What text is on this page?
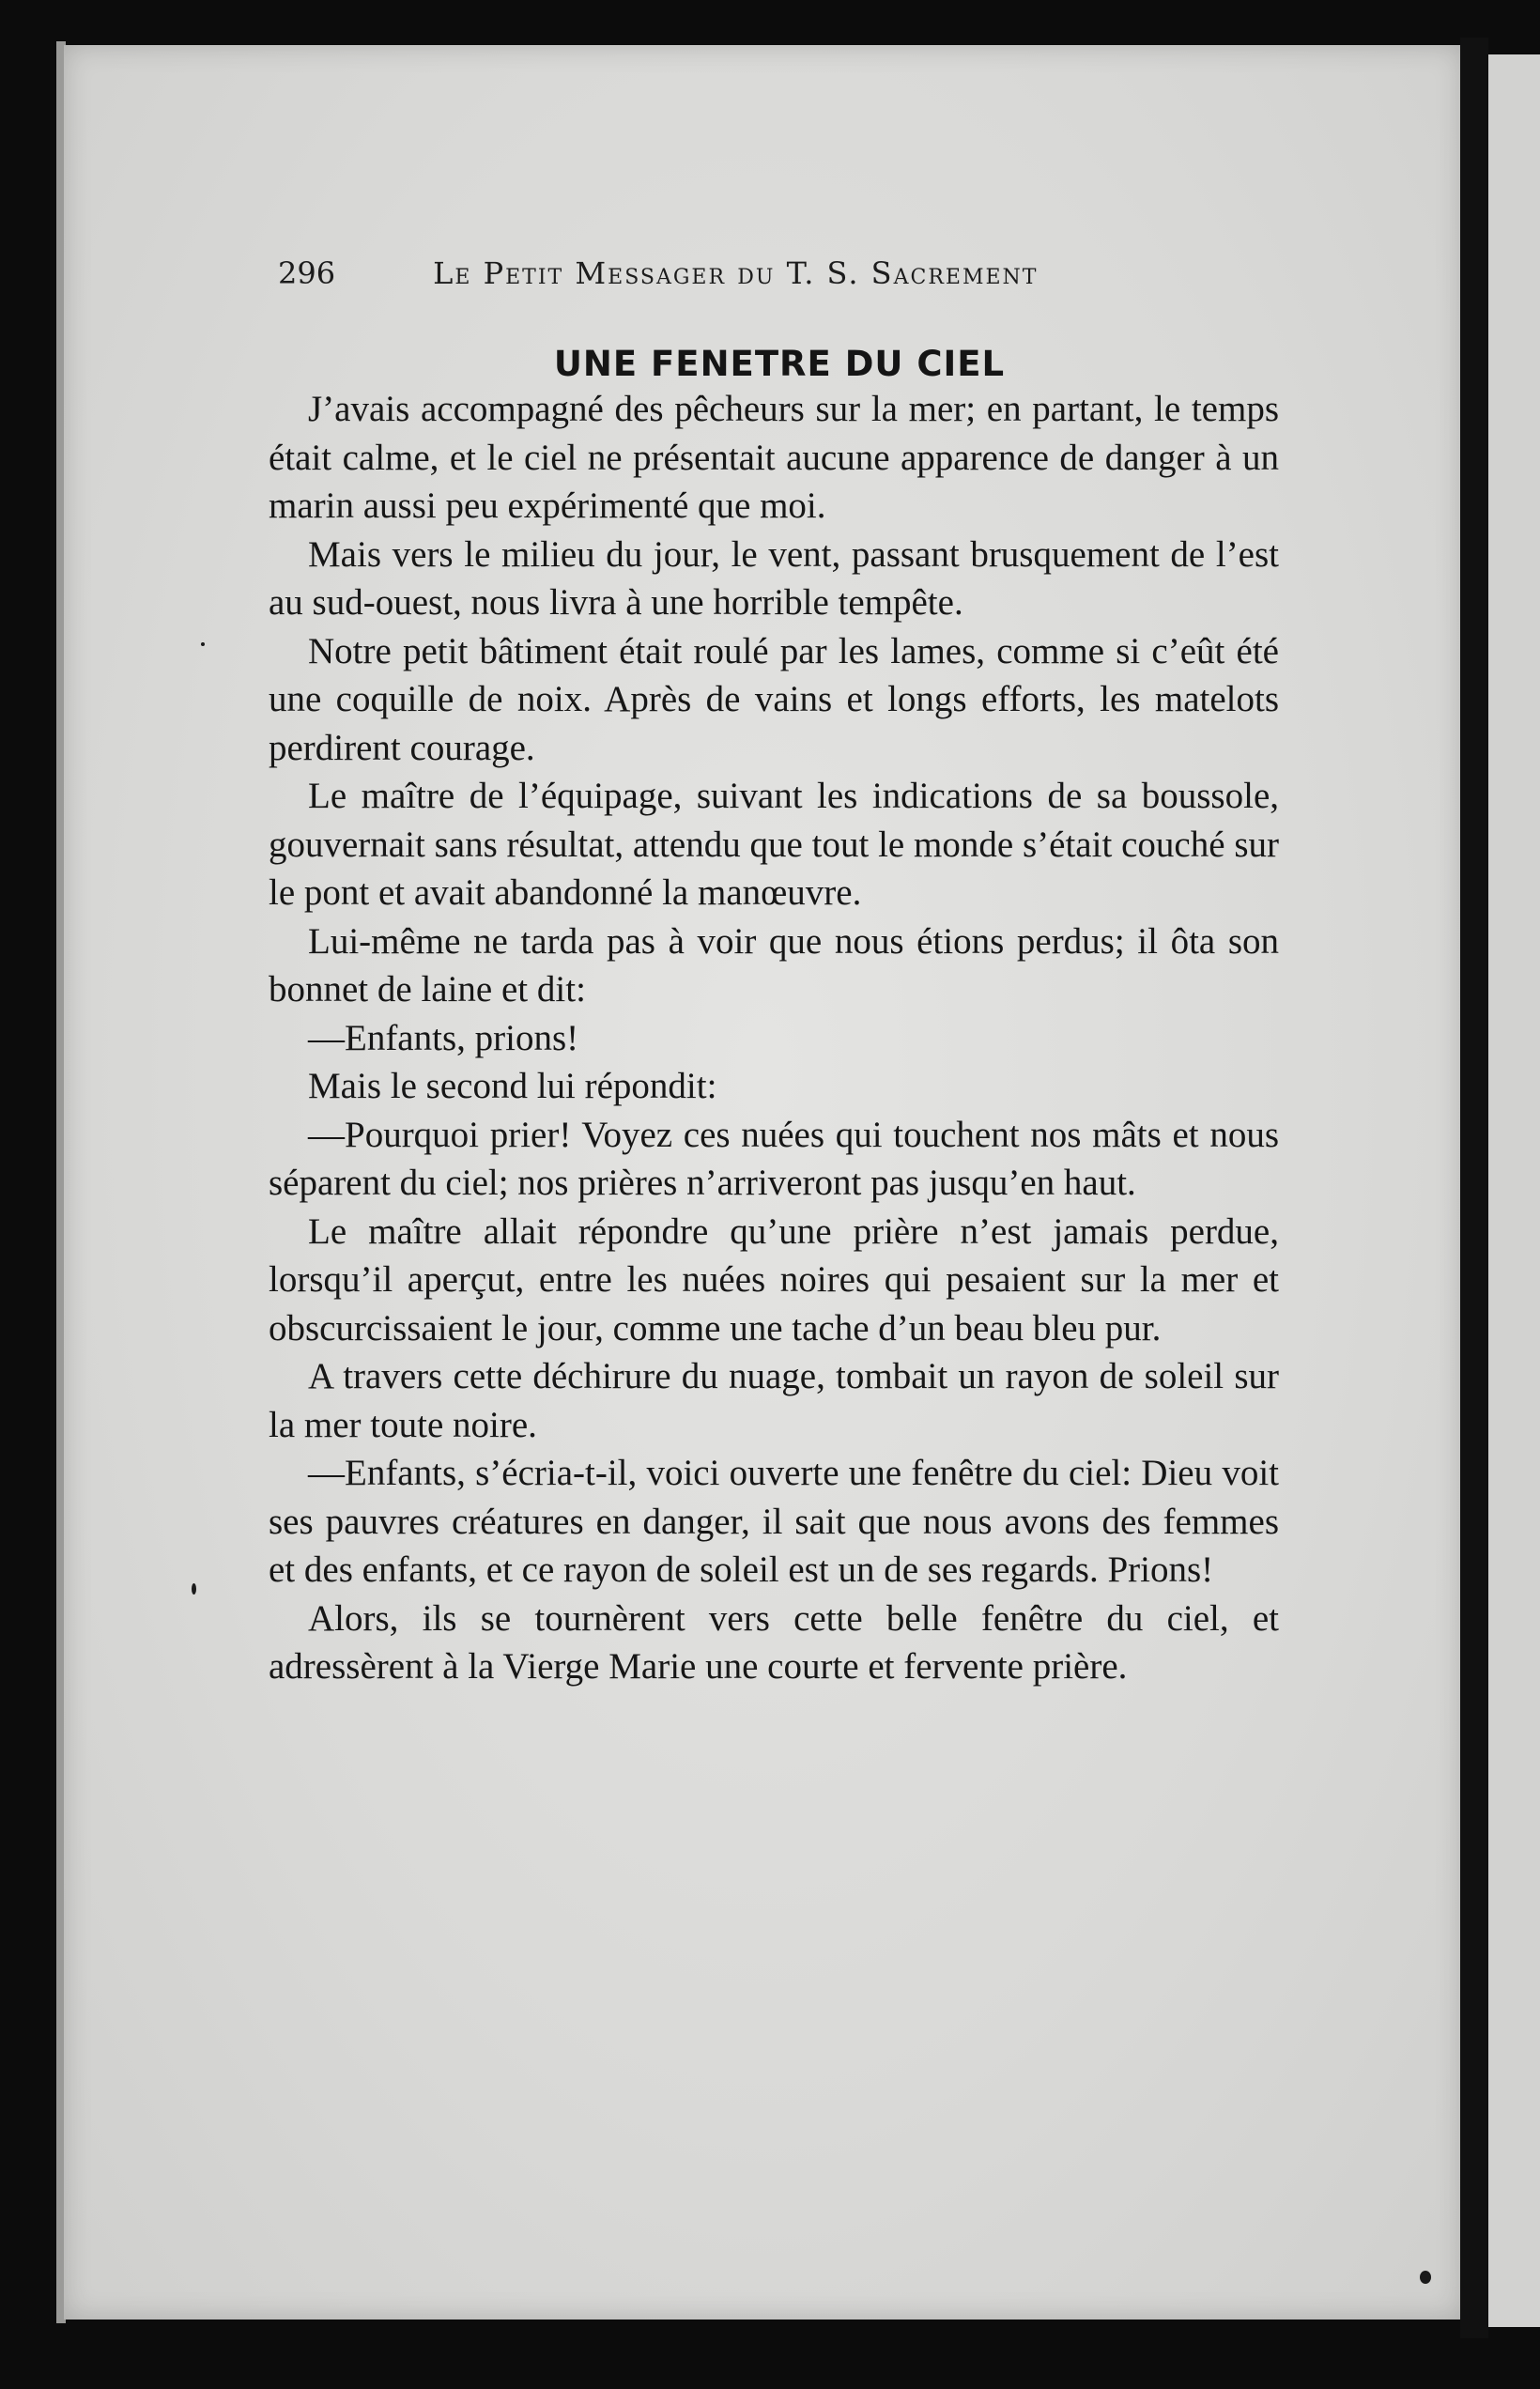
296	Le Petit Messager du T. S. Sacrement
UNE FENETRE DU CIEL

J’avais accompagné des pêcheurs sur la mer; en partant, le temps était calme, et le ciel ne présentait aucune apparence de danger à un marin aussi peu expérimenté que moi.

Mais vers le milieu du jour, le vent, passant brusquement de l’est au sud-ouest, nous livra à une horrible tempête.

Notre petit bâtiment était roulé par les lames, comme si c’eût été une coquille de noix. Après de vains et longs efforts, les matelots perdirent courage.

Le maître de l’équipage, suivant les indications de sa boussole, gouvernait sans résultat, attendu que tout le monde s’était couché sur le pont et avait abandonné la manœuvre.

Lui-même ne tarda pas à voir que nous étions perdus; il ôta son bonnet de laine et dit:

—Enfants, prions!

Mais le second lui répondit:

—Pourquoi prier! Voyez ces nuées qui touchent nos mâts et nous séparent du ciel; nos prières n’arriveront pas jusqu’en haut.

Le maître allait répondre qu’une prière n’est jamais perdue, lorsqu’il aperçut, entre les nuées noires qui pesaient sur la mer et obscurcissaient le jour, comme une tache d’un beau bleu pur.

A travers cette déchirure du nuage, tombait un rayon de soleil sur la mer toute noire.

—Enfants, s’écria-t-il, voici ouverte une fenêtre du ciel: Dieu voit ses pauvres créatures en danger, il sait que nous avons des femmes et des enfants, et ce rayon de soleil est un de ses regards. Prions!

Alors, ils se tournèrent vers cette belle fenêtre du ciel, et adressèrent à la Vierge Marie une courte et fervente prière.
